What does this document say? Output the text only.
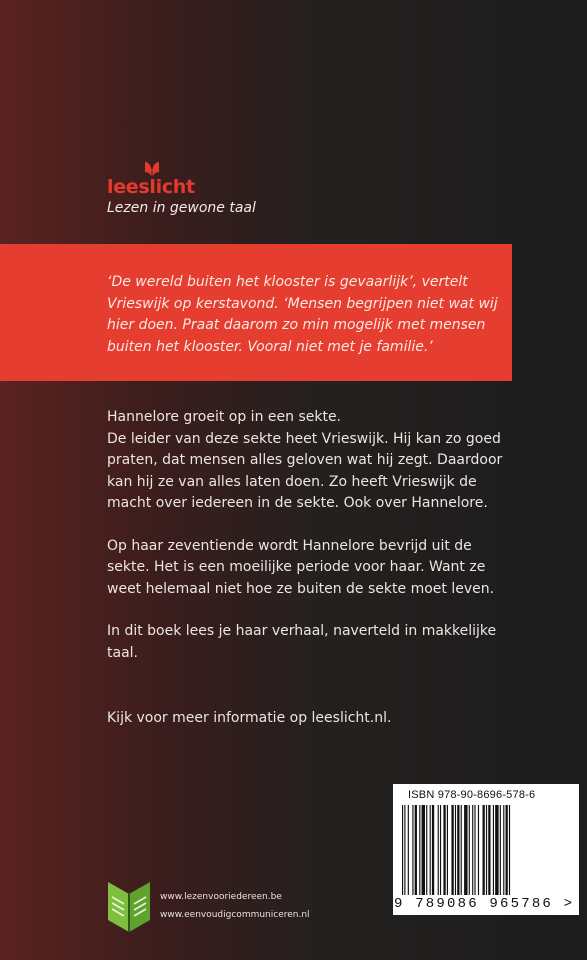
leeslicht
Lezen in gewone taal
‘De wereld buiten het klooster is gevaarlijk’, vertelt Vrieswijk op kerstavond. ‘Mensen begrijpen niet wat wij hier doen. Praat daarom zo min mogelijk met mensen buiten het klooster. Vooral niet met je familie.’

Hannelore groeit op in een sekte.

De leider van deze sekte heet Vrieswijk. Hij kan zo goed praten, dat mensen alles geloven wat hij zegt. Daardoor kan hij ze van alles laten doen. Zo heeft Vrieswijk de macht over iedereen in de sekte. Ook over Hannelore.

Op haar zeventiende wordt Hannelore bevrijd uit de sekte. Het is een moeilijke periode voor haar. Want ze weet helemaal niet hoe ze buiten de sekte moet leven.

In dit boek lees je haar verhaal, naverteld in makkelijke taal.

Kijk voor meer informatie op leeslicht.nl.

ISBN 978-90-8696-578-6
9 789086 965786 >
www.lezenvooriedereen.be
www.eenvoudigcommuniceren.nl
